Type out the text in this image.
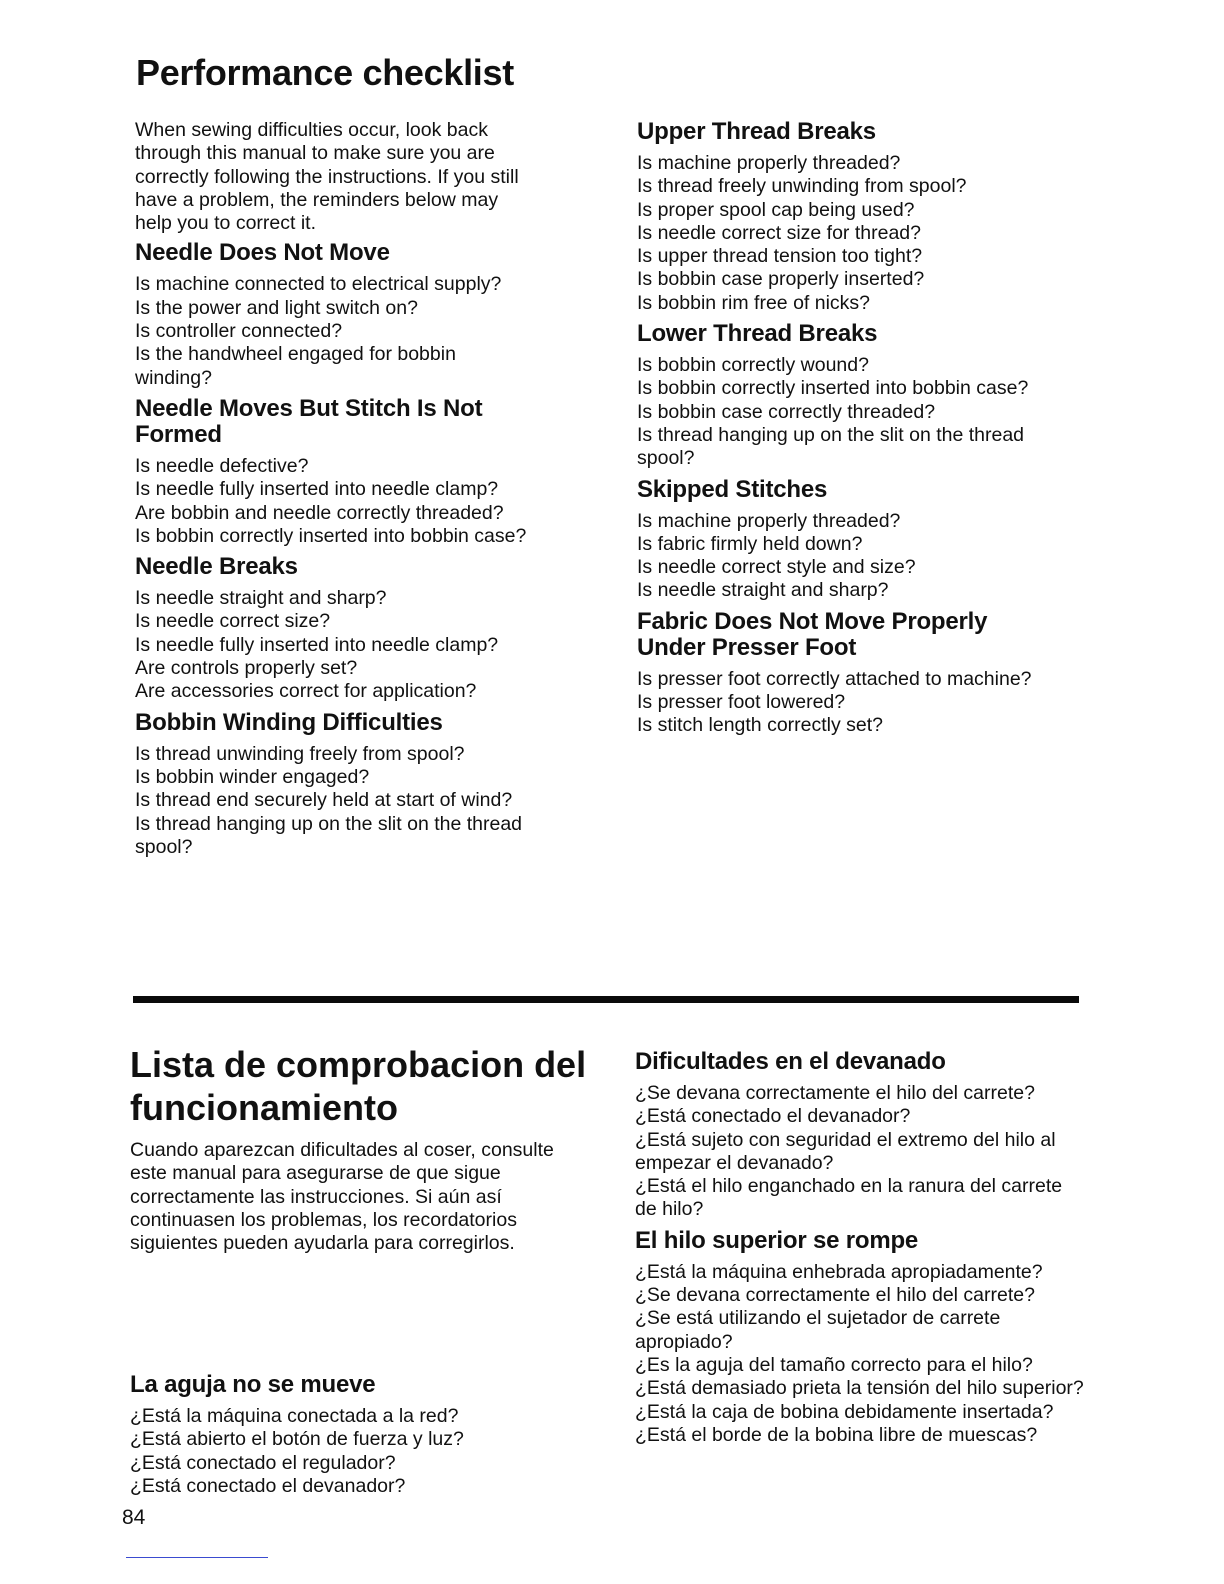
Performance checklist

When sewing difficulties occur, look back through this manual to make sure you are correctly following the instructions. If you still have a problem, the reminders below may help you to correct it.

Needle Does Not Move

Is machine connected to electrical supply?

Is the power and light switch on?

Is controller connected?

Is the handwheel engaged for bobbin winding?

Needle Moves But Stitch Is Not Formed

Is needle defective?

Is needle fully inserted into needle clamp?

Are bobbin and needle correctly threaded?

Is bobbin correctly inserted into bobbin case?

Needle Breaks

Is needle straight and sharp?

Is needle correct size?

Is needle fully inserted into needle clamp?

Are controls properly set?

Are accessories correct for application?

Bobbin Winding Difficulties

Is thread unwinding freely from spool?

Is bobbin winder engaged?

Is thread end securely held at start of wind?

Is thread hanging up on the slit on the thread spool?

Upper Thread Breaks

Is machine properly threaded?

Is thread freely unwinding from spool?

Is proper spool cap being used?

Is needle correct size for thread?

Is upper thread tension too tight?

Is bobbin case properly inserted?

Is bobbin rim free of nicks?

Lower Thread Breaks

Is bobbin correctly wound?

Is bobbin correctly inserted into bobbin case?

Is bobbin case correctly threaded?

Is thread hanging up on the slit on the thread spool?

Skipped Stitches

Is machine properly threaded?

Is fabric firmly held down?

Is needle correct style and size?

Is needle straight and sharp?

Fabric Does Not Move Properly Under Presser Foot

Is presser foot correctly attached to machine?

Is presser foot lowered?

Is stitch length correctly set?

Lista de comprobacion del funcionamiento

Cuando aparezcan dificultades al coser, consulte este manual para asegurarse de que sigue correctamente las instrucciones. Si aún así continuasen los problemas, los recordatorios siguientes pueden ayudarla para corregirlos.

La aguja no se mueve

¿Está la máquina conectada a la red?

¿Está abierto el botón de fuerza y luz?

¿Está conectado el regulador?

¿Está conectado el devanador?

Dificultades en el devanado

¿Se devana correctamente el hilo del carrete?

¿Está conectado el devanador?

¿Está sujeto con seguridad el extremo del hilo al empezar el devanado?

¿Está el hilo enganchado en la ranura del carrete de hilo?

El hilo superior se rompe

¿Está la máquina enhebrada apropiadamente?

¿Se devana correctamente el hilo del carrete?

¿Se está utilizando el sujetador de carrete apropiado?

¿Es la aguja del tamaño correcto para el hilo?

¿Está demasiado prieta la tensión del hilo superior?

¿Está la caja de bobina debidamente insertada?

¿Está el borde de la bobina libre de muescas?

84
